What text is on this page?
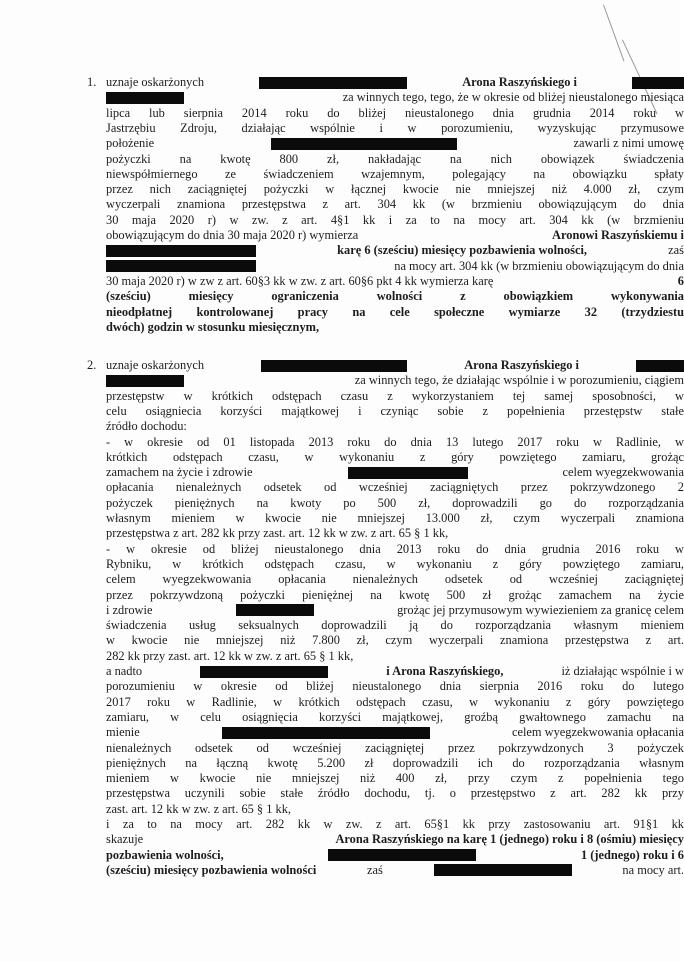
1. uznaje oskarżonych	Arona Raszyńskiego i
za winnych tego, tego, że w okresie od bliżej nieustalonego miesiąca
lipca lub sierpnia 2014 roku do bliżej nieustalonego dnia grudnia 2014 roku w
Jastrzębiu Zdroju, działając wspólnie i w porozumieniu, wyzyskując przymusowe
położenie	zawarli z nimi umowę
pożyczki na kwotę 800 zł, nakładając na nich obowiązek świadczenia
niewspółmiernego ze świadczeniem wzajemnym, polegający na obowiązku spłaty
przez nich zaciągniętej pożyczki w łącznej kwocie nie mniejszej niż 4.000 zł, czym
wyczerpali znamiona przestępstwa z art. 304 kk (w brzmieniu obowiązującym do dnia
30 maja 2020 r) w zw. z art. 4§1 kk i za to na mocy art. 304 kk (w brzmieniu
obowiązującym do dnia 30 maja 2020 r) wymierza	Aronowi Raszyńskiemu i
karę 6 (sześciu) miesięcy pozbawienia wolności,	zaś
na mocy art. 304 kk (w brzmieniu obowiązującym do dnia
30 maja 2020 r) w zw z art. 60§3 kk w zw. z art. 60§6 pkt 4 kk wymierza karę	6
(sześciu) miesięcy ograniczenia wolności z obowiązkiem wykonywania
nieodpłatnej kontrolowanej pracy na cele społeczne wymiarze 32 (trzydziestu
dwóch) godzin w stosunku miesięcznym,
2. uznaje oskarżonych	Arona Raszyńskiego i
za winnych tego, że działając wspólnie i w porozumieniu, ciągiem
przestępstw w krótkich odstępach czasu z wykorzystaniem tej samej sposobności, w
celu osiągniecia korzyści majątkowej i czyniąc sobie z popełnienia przestępstw stałe
źródło dochodu:
- w okresie od 01 listopada 2013 roku do dnia 13 lutego 2017 roku w Radlinie, w
krótkich odstępach czasu, w wykonaniu z góry powziętego zamiaru, grożąc
zamachem na życie i zdrowie	celem wyegzekwowania
opłacania nienależnych odsetek od wcześniej zaciągniętych przez pokrzywdzonego 2
pożyczek pieniężnych na kwoty po 500 zł, doprowadzili go do rozporządzania
własnym mieniem w kwocie nie mniejszej 13.000 zł, czym wyczerpali znamiona
przestępstwa z art. 282 kk przy zast. art. 12 kk w zw. z art. 65 § 1 kk,
- w okresie od bliżej nieustalonego dnia 2013 roku do dnia grudnia 2016 roku w
Rybniku, w krótkich odstępach czasu, w wykonaniu z góry powziętego zamiaru,
celem wyegzekwowania opłacania nienależnych odsetek od wcześniej zaciągniętej
przez pokrzywdzoną pożyczki pieniężnej na kwotę 500 zł grożąc zamachem na życie
i zdrowie	grożąc jej przymusowym wywiezieniem za granicę celem
świadczenia usług seksualnych doprowadzili ją do rozporządzania własnym mieniem
w kwocie nie mniejszej niż 7.800 zł, czym wyczerpali znamiona przestępstwa z art.
282 kk przy zast. art. 12 kk w zw. z art. 65 § 1 kk,
a nadto	i Arona Raszyńskiego,	iż działając wspólnie i w
porozumieniu w okresie od bliżej nieustalonego dnia sierpnia 2016 roku do lutego
2017 roku w Radlinie, w krótkich odstępach czasu, w wykonaniu z góry powziętego
zamiaru, w celu osiągnięcia korzyści majątkowej, groźbą gwałtownego zamachu na
mienie	celem wyegzekwowania opłacania
nienależnych odsetek od wcześniej zaciągniętej przez pokrzywdzonych 3 pożyczek
pieniężnych na łączną kwotę 5.200 zł doprowadzili ich do rozporządzania własnym
mieniem w kwocie nie mniejszej niż 400 zł, przy czym z popełnienia tego
przestępstwa uczynili sobie stałe źródło dochodu, tj. o przestępstwo z art. 282 kk przy
zast. art. 12 kk w zw. z art. 65 § 1 kk,
i za to na mocy art. 282 kk w zw. z art. 65§1 kk przy zastosowaniu art. 91§1 kk
skazuje	Arona Raszyńskiego na karę 1 (jednego) roku i 8 (ośmiu) miesięcy
pozbawienia wolności,	1 (jednego) roku i 6
(sześciu) miesięcy pozbawienia wolności	zaś	na mocy art.
